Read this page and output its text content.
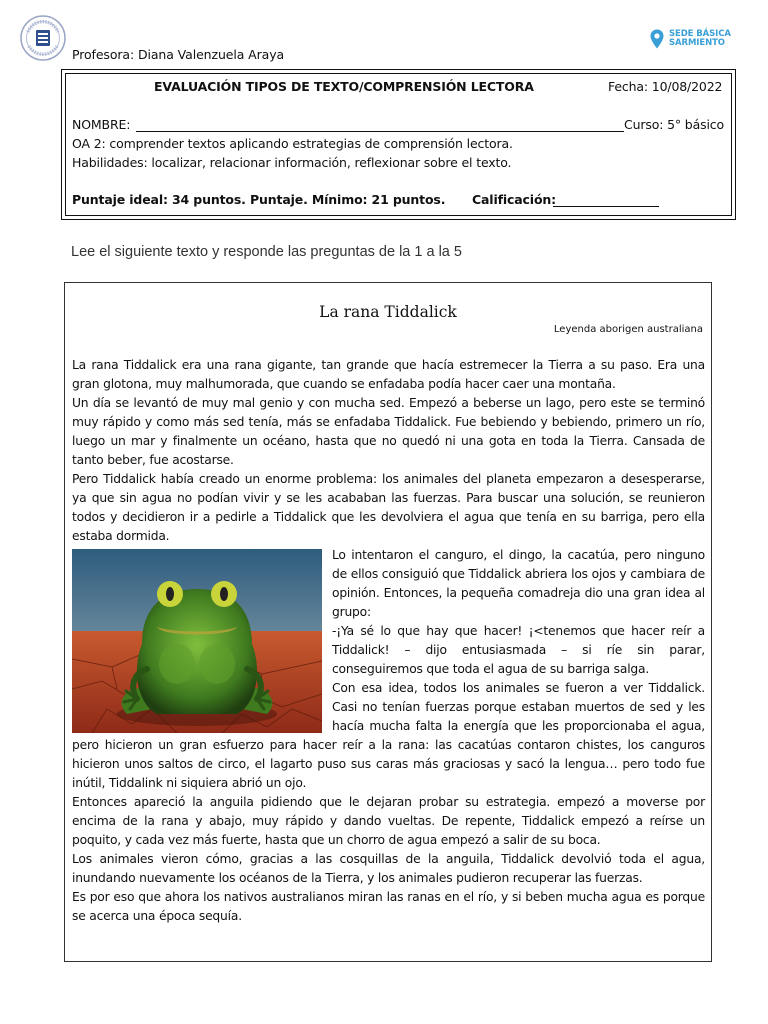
Profesora: Diana Valenzuela Araya
SEDE BÁSICA
SARMIENTO
EVALUACIÓN TIPOS DE TEXTO/COMPRENSIÓN LECTORA	Fecha: 10/08/2022
NOMBRE:	Curso: 5° básico
OA 2: comprender textos aplicando estrategias de comprensión lectora.
Habilidades: localizar, relacionar información, reflexionar sobre el texto.
Puntaje ideal: 34 puntos. Puntaje. Mínimo: 21 puntos. Calificación:
Lee el siguiente texto y responde las preguntas de la 1 a la 5
La rana Tiddalick
Leyenda aborigen australiana

La rana Tiddalick era una rana gigante, tan grande que hacía estremecer la Tierra a su paso. Era una gran glotona, muy malhumorada, que cuando se enfadaba podía hacer caer una montaña.

Un día se levantó de muy mal genio y con mucha sed. Empezó a beberse un lago, pero este se terminó muy rápido y como más sed tenía, más se enfadaba Tiddalick. Fue bebiendo y bebiendo, primero un río, luego un mar y finalmente un océano, hasta que no quedó ni una gota en toda la Tierra. Cansada de tanto beber, fue acostarse.

Pero Tiddalick había creado un enorme problema: los animales del planeta empezaron a desesperarse, ya que sin agua no podían vivir y se les acababan las fuerzas. Para buscar una solución, se reunieron todos y decidieron ir a pedirle a Tiddalick que les devolviera el agua que tenía en su barriga, pero ella estaba dormida.

Lo intentaron el canguro, el dingo, la cacatúa, pero ninguno de ellos consiguió que Tiddalick abriera los ojos y cambiara de opinión. Entonces, la pequeña comadreja dio una gran idea al grupo:

-¡Ya sé lo que hay que hacer! ¡<tenemos que hacer reír a Tiddalick! – dijo entusiasmada – si ríe sin parar, conseguiremos que toda el agua de su barriga salga.

Con esa idea, todos los animales se fueron a ver Tiddalick. Casi no tenían fuerzas porque estaban muertos de sed y les hacía mucha falta la energía que les proporcionaba el agua, pero hicieron un gran esfuerzo para hacer reír a la rana: las cacatúas contaron chistes, los canguros hicieron unos saltos de circo, el lagarto puso sus caras más graciosas y sacó la lengua… pero todo fue inútil, Tiddalink ni siquiera abrió un ojo.

Entonces apareció la anguila pidiendo que le dejaran probar su estrategia. empezó a moverse por encima de la rana y abajo, muy rápido y dando vueltas. De repente, Tiddalick empezó a reírse un poquito, y cada vez más fuerte, hasta que un chorro de agua empezó a salir de su boca.

Los animales vieron cómo, gracias a las cosquillas de la anguila, Tiddalick devolvió toda el agua, inundando nuevamente los océanos de la Tierra, y los animales pudieron recuperar las fuerzas.

Es por eso que ahora los nativos australianos miran las ranas en el río, y si beben mucha agua es porque se acerca una época sequía.
